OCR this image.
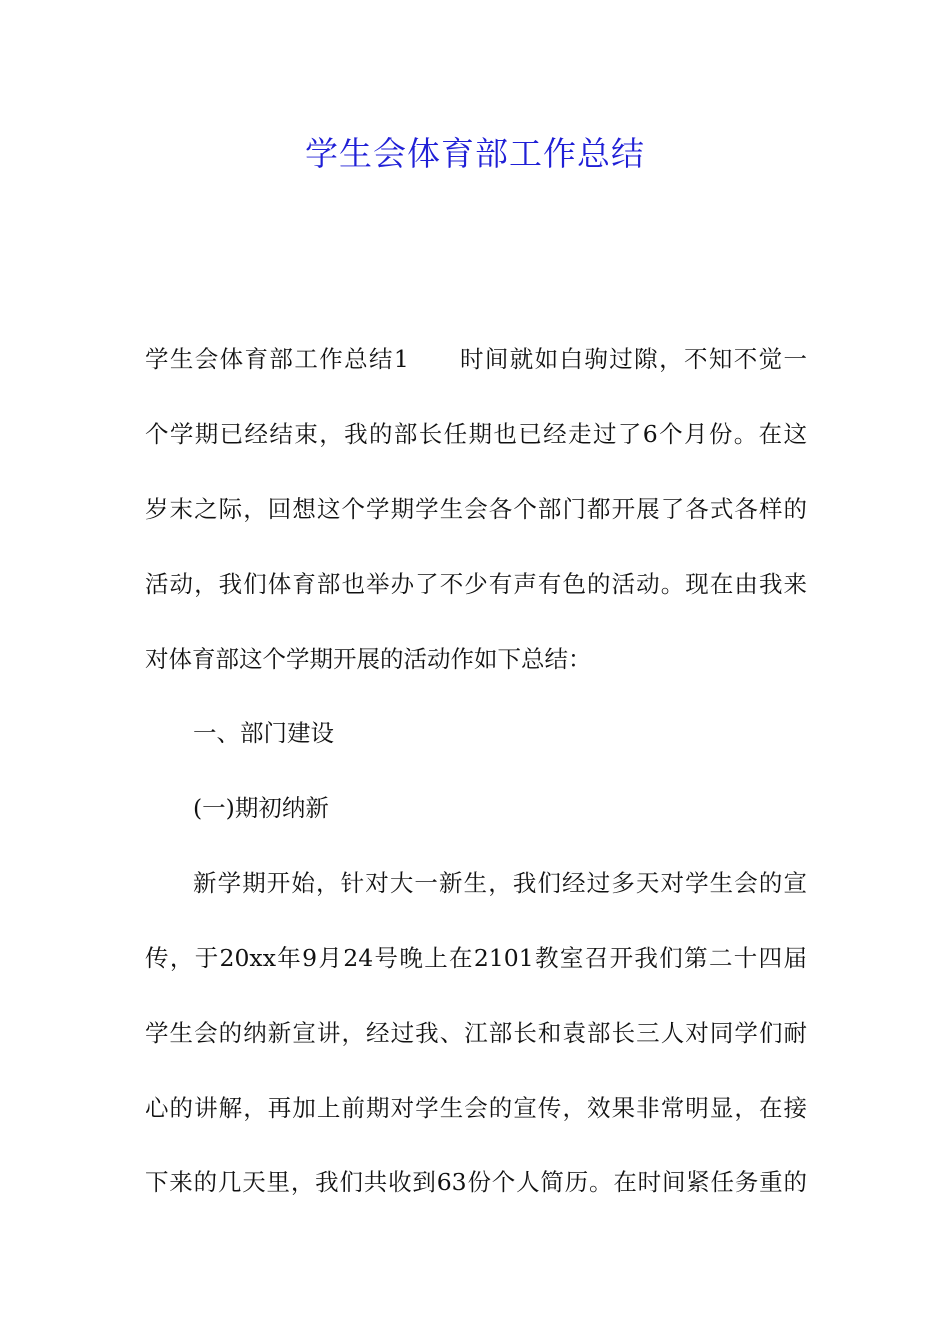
学生会体育部工作总结
学生会体育部工作总结1　　时间就如白驹过隙，不知不觉一
个学期已经结束，我的部长任期也已经走过了6个月份。在这
岁末之际，回想这个学期学生会各个部门都开展了各式各样的
活动，我们体育部也举办了不少有声有色的活动。现在由我来
对体育部这个学期开展的活动作如下总结：
一、部门建设
(一)期初纳新
新学期开始，针对大一新生，我们经过多天对学生会的宣
传，于20xx年9月24号晚上在2101教室召开我们第二十四届
学生会的纳新宣讲，经过我、江部长和袁部长三人对同学们耐
心的讲解，再加上前期对学生会的宣传，效果非常明显，在接
下来的几天里，我们共收到63份个人简历。在时间紧任务重的
